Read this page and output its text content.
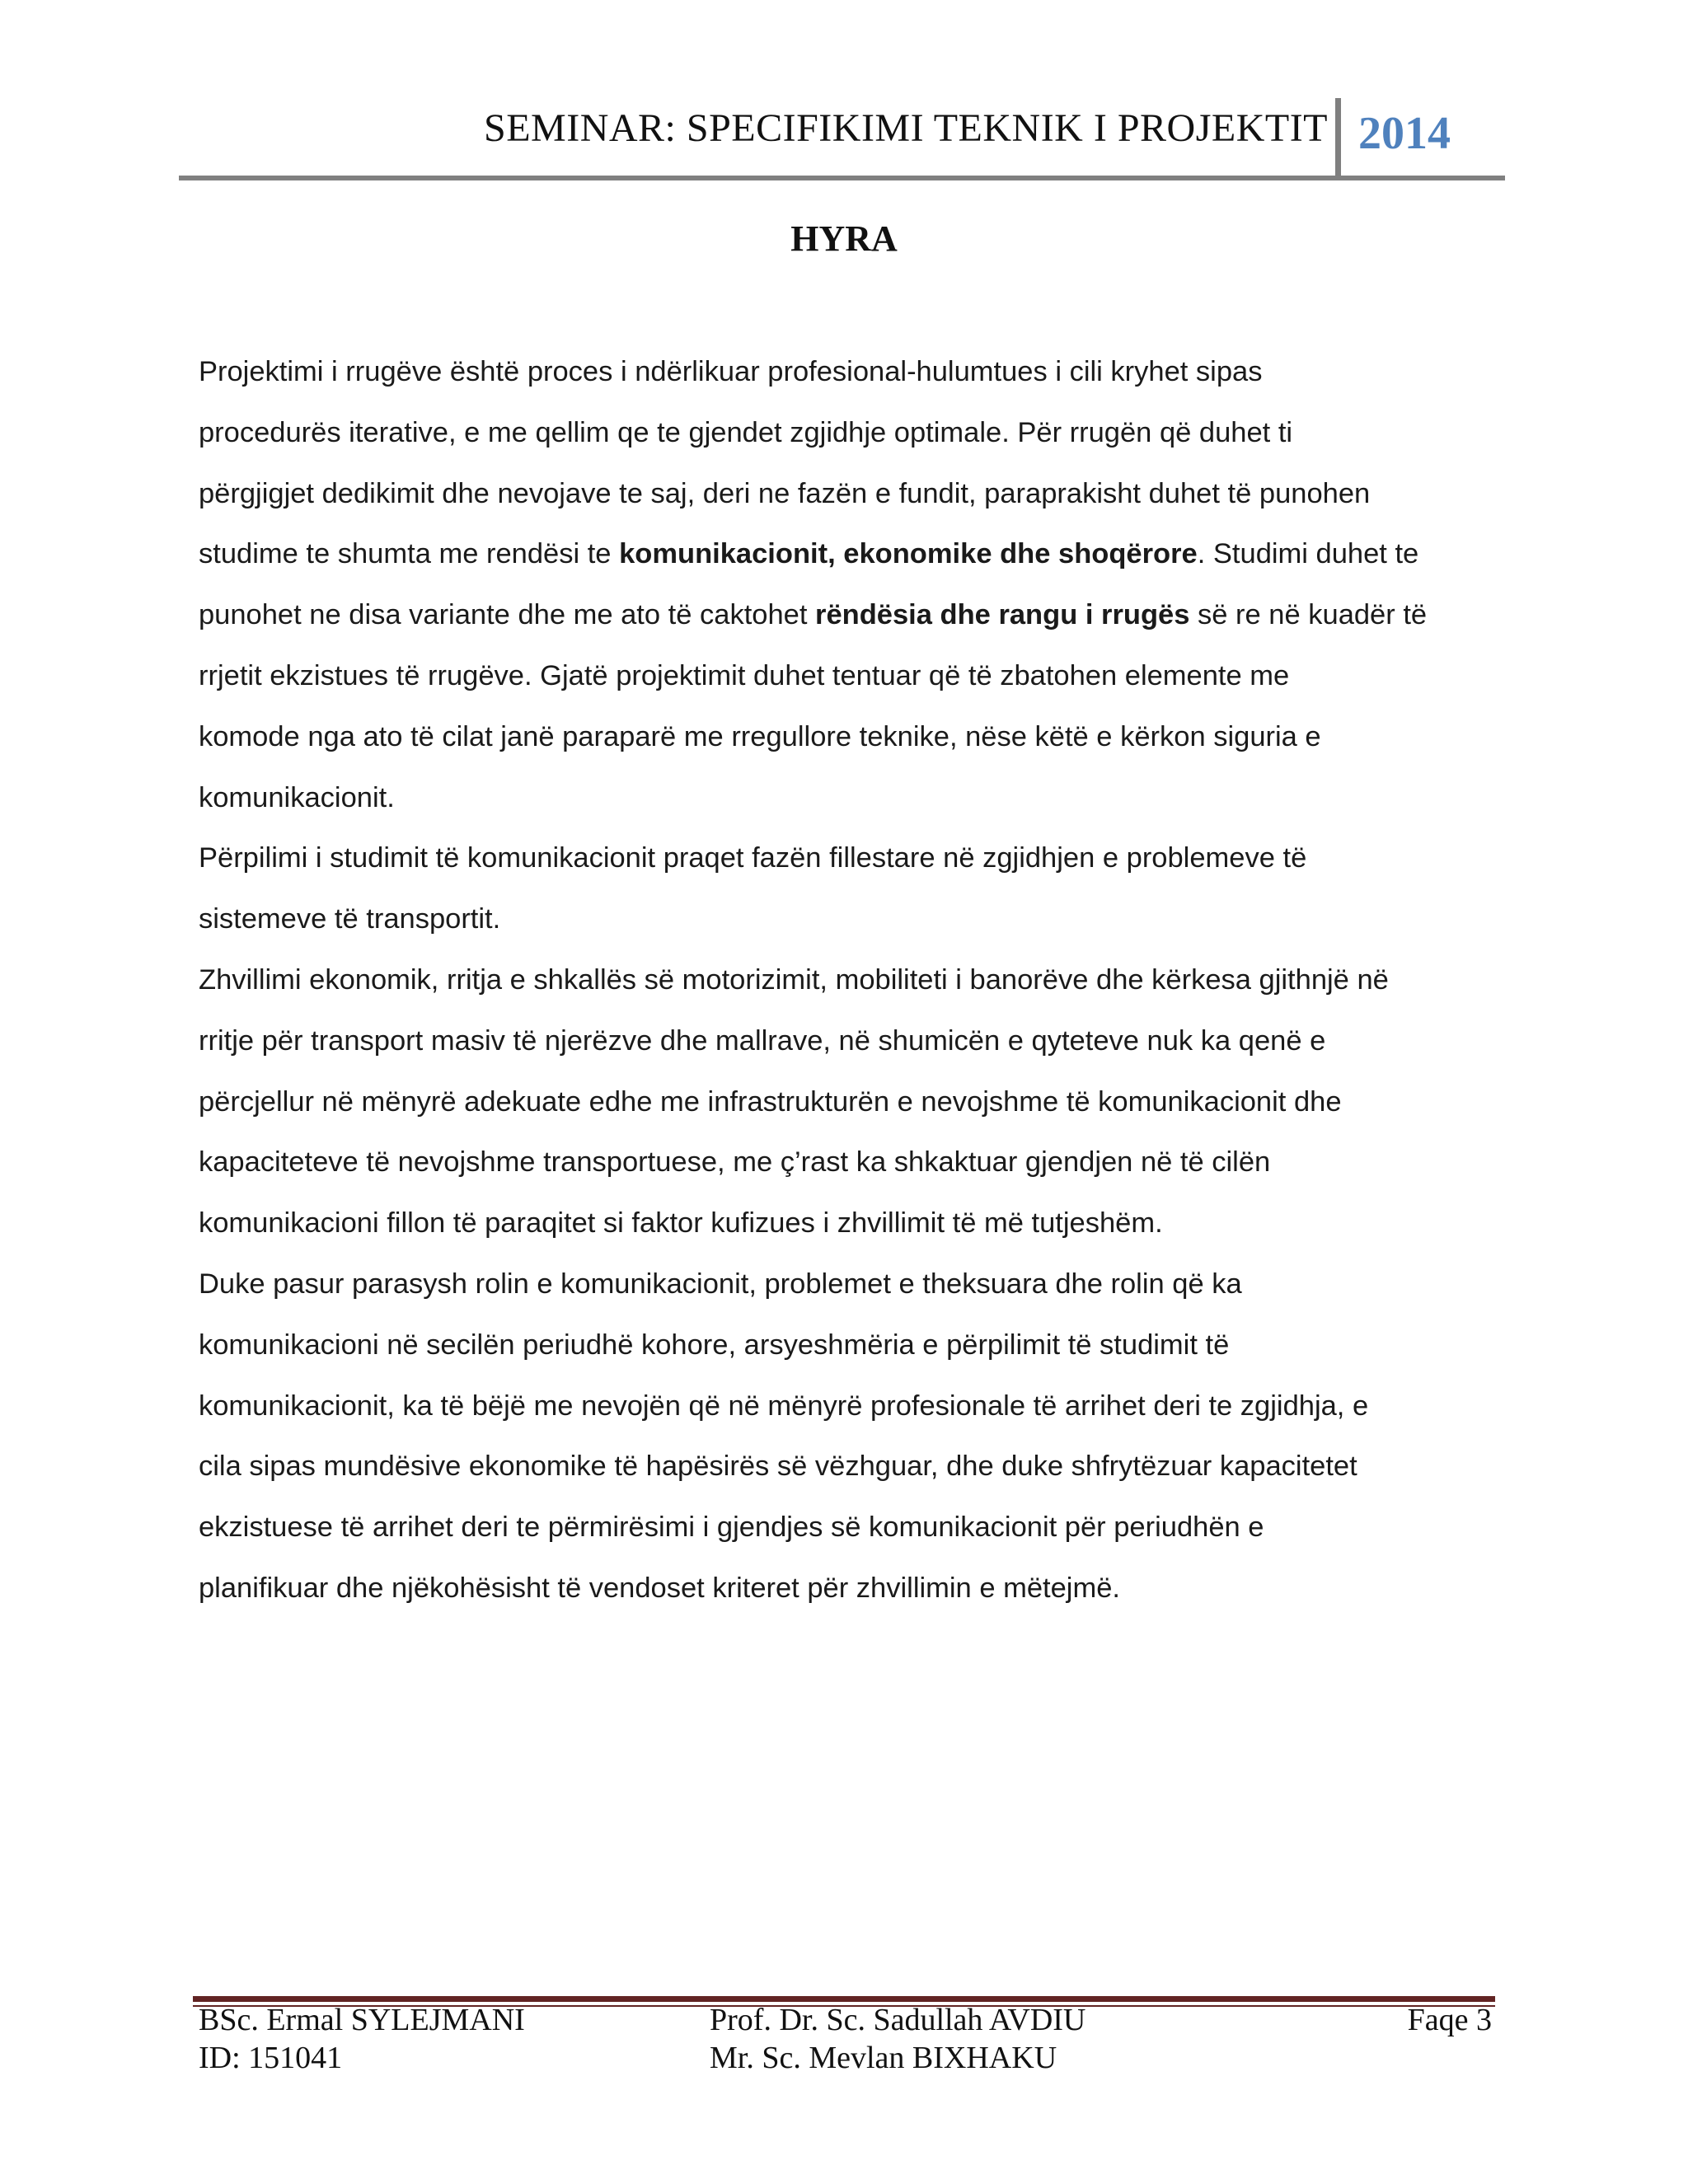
SEMINAR: SPECIFIKIMI TEKNIK I PROJEKTIT 2014
HYRA

Projektimi i rrugëve është proces i ndërlikuar profesional-hulumtues i cili kryhet sipas

procedurës iterative, e me qellim qe te gjendet zgjidhje optimale. Për rrugën që duhet ti

përgjigjet dedikimit dhe nevojave te saj, deri ne fazën e fundit, paraprakisht duhet të punohen

studime te shumta me rendësi te komunikacionit, ekonomike dhe shoqërore. Studimi duhet te

punohet ne disa variante dhe me ato të caktohet rëndësia dhe rangu i rrugës së re në kuadër të

rrjetit ekzistues të rrugëve. Gjatë projektimit duhet tentuar që të zbatohen elemente me

komode nga ato të cilat janë paraparë me rregullore teknike, nëse këtë e kërkon siguria e

komunikacionit.

Përpilimi i studimit të komunikacionit praqet fazën fillestare në zgjidhjen e problemeve të

sistemeve të transportit.

Zhvillimi ekonomik, rritja e shkallës së motorizimit, mobiliteti i banorëve dhe kërkesa gjithnjë në

rritje për transport masiv të njerëzve dhe mallrave, në shumicën e qyteteve nuk ka qenë e

përcjellur në mënyrë adekuate edhe me infrastrukturën e nevojshme të komunikacionit dhe

kapaciteteve të nevojshme transportuese, me ç’rast ka shkaktuar gjendjen në të cilën

komunikacioni fillon të paraqitet si faktor kufizues i zhvillimit të më tutjeshëm.

Duke pasur parasysh rolin e komunikacionit, problemet e theksuara dhe rolin që ka

komunikacioni në secilën periudhë kohore, arsyeshmëria e përpilimit të studimit të

komunikacionit, ka të bëjë me nevojën që në mënyrë profesionale të arrihet deri te zgjidhja, e

cila sipas mundësive ekonomike të hapësirës së vëzhguar, dhe duke shfrytëzuar kapacitetet

ekzistuese të arrihet deri te përmirësimi i gjendjes së komunikacionit për periudhën e

planifikuar dhe njëkohësisht të vendoset kriteret për zhvillimin e mëtejmë.

BSc. Ermal SYLEJMANI
ID: 151041
Prof. Dr. Sc. Sadullah AVDIU
Mr. Sc. Mevlan BIXHAKU
Faqe 3
